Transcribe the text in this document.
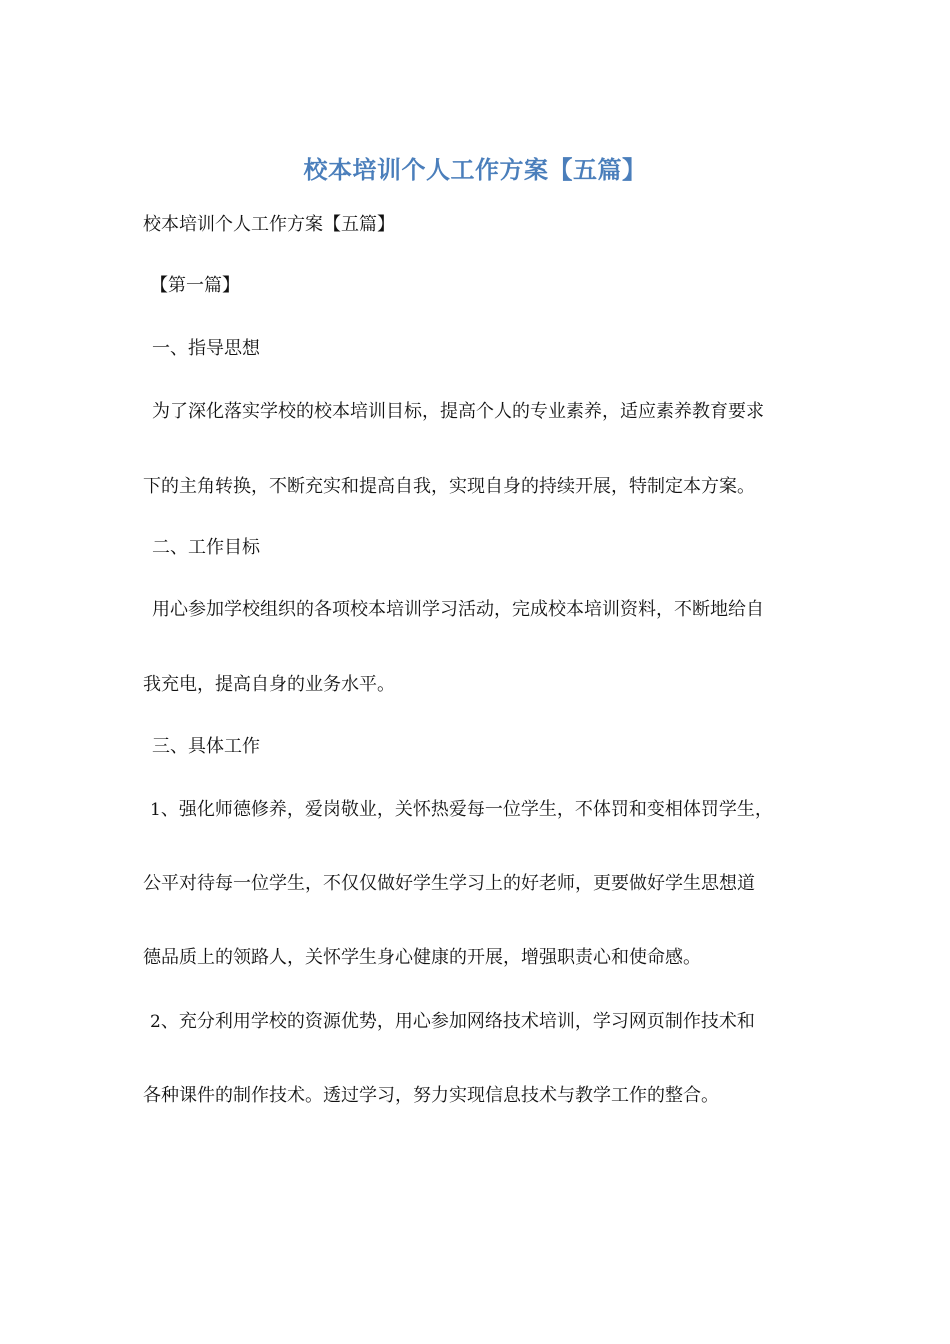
校本培训个人工作方案【五篇】
校本培训个人工作方案【五篇】
【第一篇】
一、指导思想
为了深化落实学校的校本培训目标，提高个人的专业素养，适应素养教育要求
下的主角转换，不断充实和提高自我，实现自身的持续开展，特制定本方案。
二、工作目标
用心参加学校组织的各项校本培训学习活动，完成校本培训资料，不断地给自
我充电，提高自身的业务水平。
三、具体工作
1、强化师德修养，爱岗敬业，关怀热爱每一位学生，不体罚和变相体罚学生，
公平对待每一位学生，不仅仅做好学生学习上的好老师，更要做好学生思想道
德品质上的领路人，关怀学生身心健康的开展，增强职责心和使命感。
2、充分利用学校的资源优势，用心参加网络技术培训，学习网页制作技术和
各种课件的制作技术。透过学习，努力实现信息技术与教学工作的整合。
